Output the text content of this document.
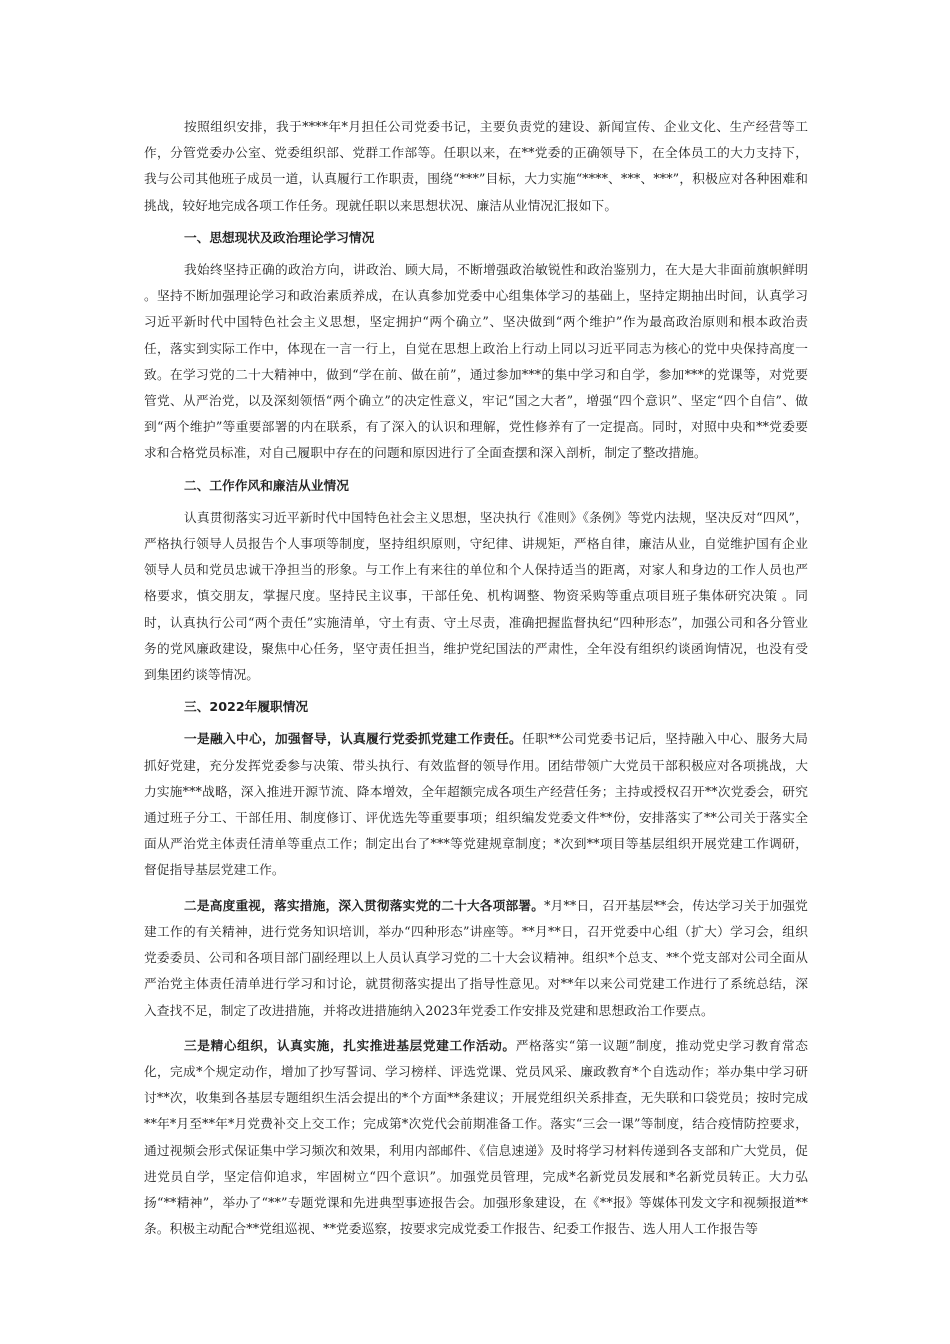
按照组织安排，我于****年*月担任公司党委书记，主要负责党的建设、新闻宣传、企业文化、生产经营等工作，分管党委办公室、党委组织部、党群工作部等。任职以来，在**党委的正确领导下，在全体员工的大力支持下，我与公司其他班子成员一道，认真履行工作职责，围绕“***”目标，大力实施“****、***、***”，积极应对各种困难和挑战，较好地完成各项工作任务。现就任职以来思想状况、廉洁从业情况汇报如下。

一、思想现状及政治理论学习情况

我始终坚持正确的政治方向，讲政治、顾大局，不断增强政治敏锐性和政治鉴别力，在大是大非面前旗帜鲜明 。坚持不断加强理论学习和政治素质养成，在认真参加党委中心组集体学习的基础上，坚持定期抽出时间，认真学习习近平新时代中国特色社会主义思想，坚定拥护“两个确立”、坚决做到“两个维护”作为最高政治原则和根本政治责任，落实到实际工作中，体现在一言一行上，自觉在思想上政治上行动上同以习近平同志为核心的党中央保持高度一致。在学习党的二十大精神中，做到“学在前、做在前”，通过参加***的集中学习和自学，参加***的党课等，对党要管党、从严治党，以及深刻领悟“两个确立”的决定性意义，牢记“国之大者”，增强“四个意识”、坚定“四个自信”、做到“两个维护”等重要部署的内在联系，有了深入的认识和理解，党性修养有了一定提高。同时，对照中央和**党委要求和合格党员标准，对自己履职中存在的问题和原因进行了全面查摆和深入剖析，制定了整改措施。

二、工作作风和廉洁从业情况

认真贯彻落实习近平新时代中国特色社会主义思想，坚决执行《准则》《条例》等党内法规，坚决反对“四风”，严格执行领导人员报告个人事项等制度，坚持组织原则，守纪律、讲规矩，严格自律，廉洁从业，自觉维护国有企业领导人员和党员忠诚干净担当的形象。与工作上有来往的单位和个人保持适当的距离，对家人和身边的工作人员也严格要求，慎交朋友，掌握尺度。坚持民主议事，干部任免、机构调整、物资采购等重点项目班子集体研究决策 。同时，认真执行公司“两个责任”实施清单，守土有责、守土尽责，准确把握监督执纪“四种形态”，加强公司和各分管业务的党风廉政建设，聚焦中心任务，坚守责任担当，维护党纪国法的严肃性，全年没有组织约谈函询情况，也没有受到集团约谈等情况。

三、2022年履职情况

一是融入中心，加强督导，认真履行党委抓党建工作责任。任职**公司党委书记后，坚持融入中心、服务大局抓好党建，充分发挥党委参与决策、带头执行、有效监督的领导作用。团结带领广大党员干部积极应对各项挑战，大力实施***战略，深入推进开源节流、降本增效，全年超额完成各项生产经营任务；主持或授权召开**次党委会，研究通过班子分工、干部任用、制度修订、评优选先等重要事项；组织编发党委文件**份，安排落实了**公司关于落实全面从严治党主体责任清单等重点工作；制定出台了***等党建规章制度；*次到**项目等基层组织开展党建工作调研，督促指导基层党建工作。

二是高度重视，落实措施，深入贯彻落实党的二十大各项部署。*月**日，召开基层**会，传达学习关于加强党建工作的有关精神，进行党务知识培训，举办“四种形态”讲座等。**月**日，召开党委中心组（扩大）学习会，组织党委委员、公司和各项目部门副经理以上人员认真学习党的二十大会议精神。组织*个总支、**个党支部对公司全面从严治党主体责任清单进行学习和讨论，就贯彻落实提出了指导性意见。对**年以来公司党建工作进行了系统总结，深入查找不足，制定了改进措施，并将改进措施纳入2023年党委工作安排及党建和思想政治工作要点。

三是精心组织，认真实施，扎实推进基层党建工作活动。严格落实“第一议题”制度，推动党史学习教育常态化，完成*个规定动作，增加了抄写誓词、学习榜样、评选党课、党员风采、廉政教育*个自选动作；举办集中学习研讨**次，收集到各基层专题组织生活会提出的*个方面**条建议；开展党组织关系排查，无失联和口袋党员；按时完成**年*月至**年*月党费补交上交工作；完成第*次党代会前期准备工作。落实“三会一课”等制度，结合疫情防控要求，通过视频会形式保证集中学习频次和效果，利用内部邮件、《信息速递》及时将学习材料传递到各支部和广大党员，促进党员自学，坚定信仰追求，牢固树立“四个意识”。加强党员管理，完成*名新党员发展和*名新党员转正。大力弘扬“**精神”，举办了“**”专题党课和先进典型事迹报告会。加强形象建设，在《**报》等媒体刊发文字和视频报道**条。积极主动配合**党组巡视、**党委巡察，按要求完成党委工作报告、纪委工作报告、选人用人工作报告等
